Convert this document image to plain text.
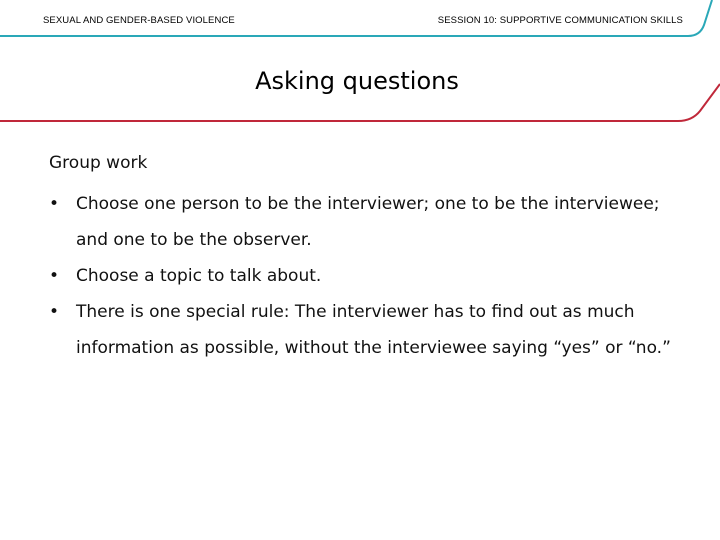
SEXUAL AND GENDER-BASED VIOLENCE	SESSION 10: SUPPORTIVE COMMUNICATION SKILLS
Asking questions
Group work
• Choose one person to be the interviewer; one to be the interviewee; and one to be the observer.
• Choose a topic to talk about.
• There is one special rule: The interviewer has to find out as much information as possible, without the interviewee saying “yes” or “no.”
